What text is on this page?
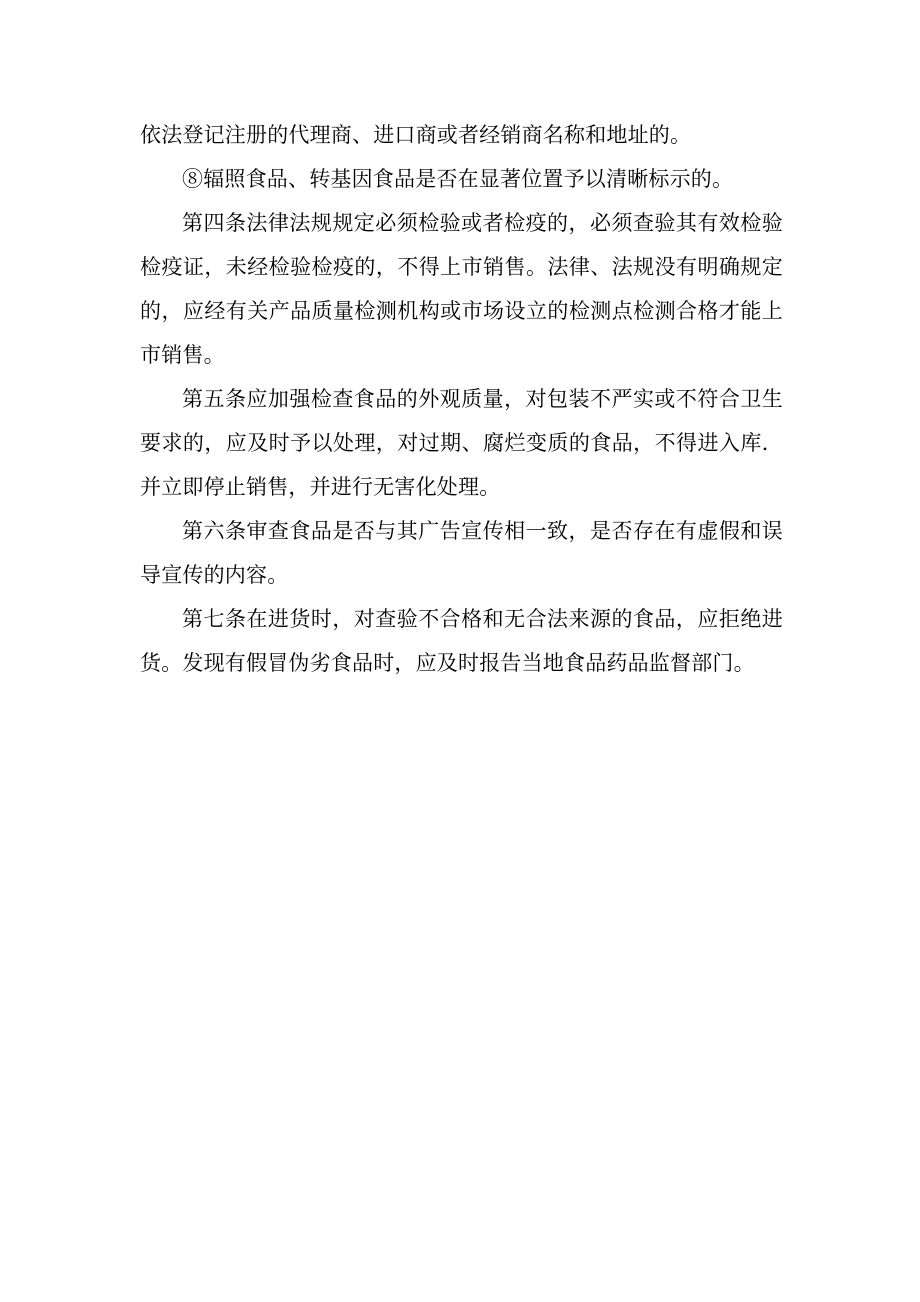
依法登记注册的代理商、进口商或者经销商名称和地址的。

⑧辐照食品、转基因食品是否在显著位置予以清晰标示的。

第四条法律法规规定必须检验或者检疫的，必须查验其有效检验检疫证，未经检验检疫的，不得上市销售。法律、法规没有明确规定的，应经有关产品质量检测机构或市场设立的检测点检测合格才能上市销售。

第五条应加强检查食品的外观质量，对包装不严实或不符合卫生要求的，应及时予以处理，对过期、腐烂变质的食品，不得进入库．并立即停止销售，并进行无害化处理。

第六条审查食品是否与其广告宣传相一致，是否存在有虚假和误导宣传的内容。

第七条在进货时，对查验不合格和无合法来源的食品，应拒绝进货。发现有假冒伪劣食品时，应及时报告当地食品药品监督部门。
